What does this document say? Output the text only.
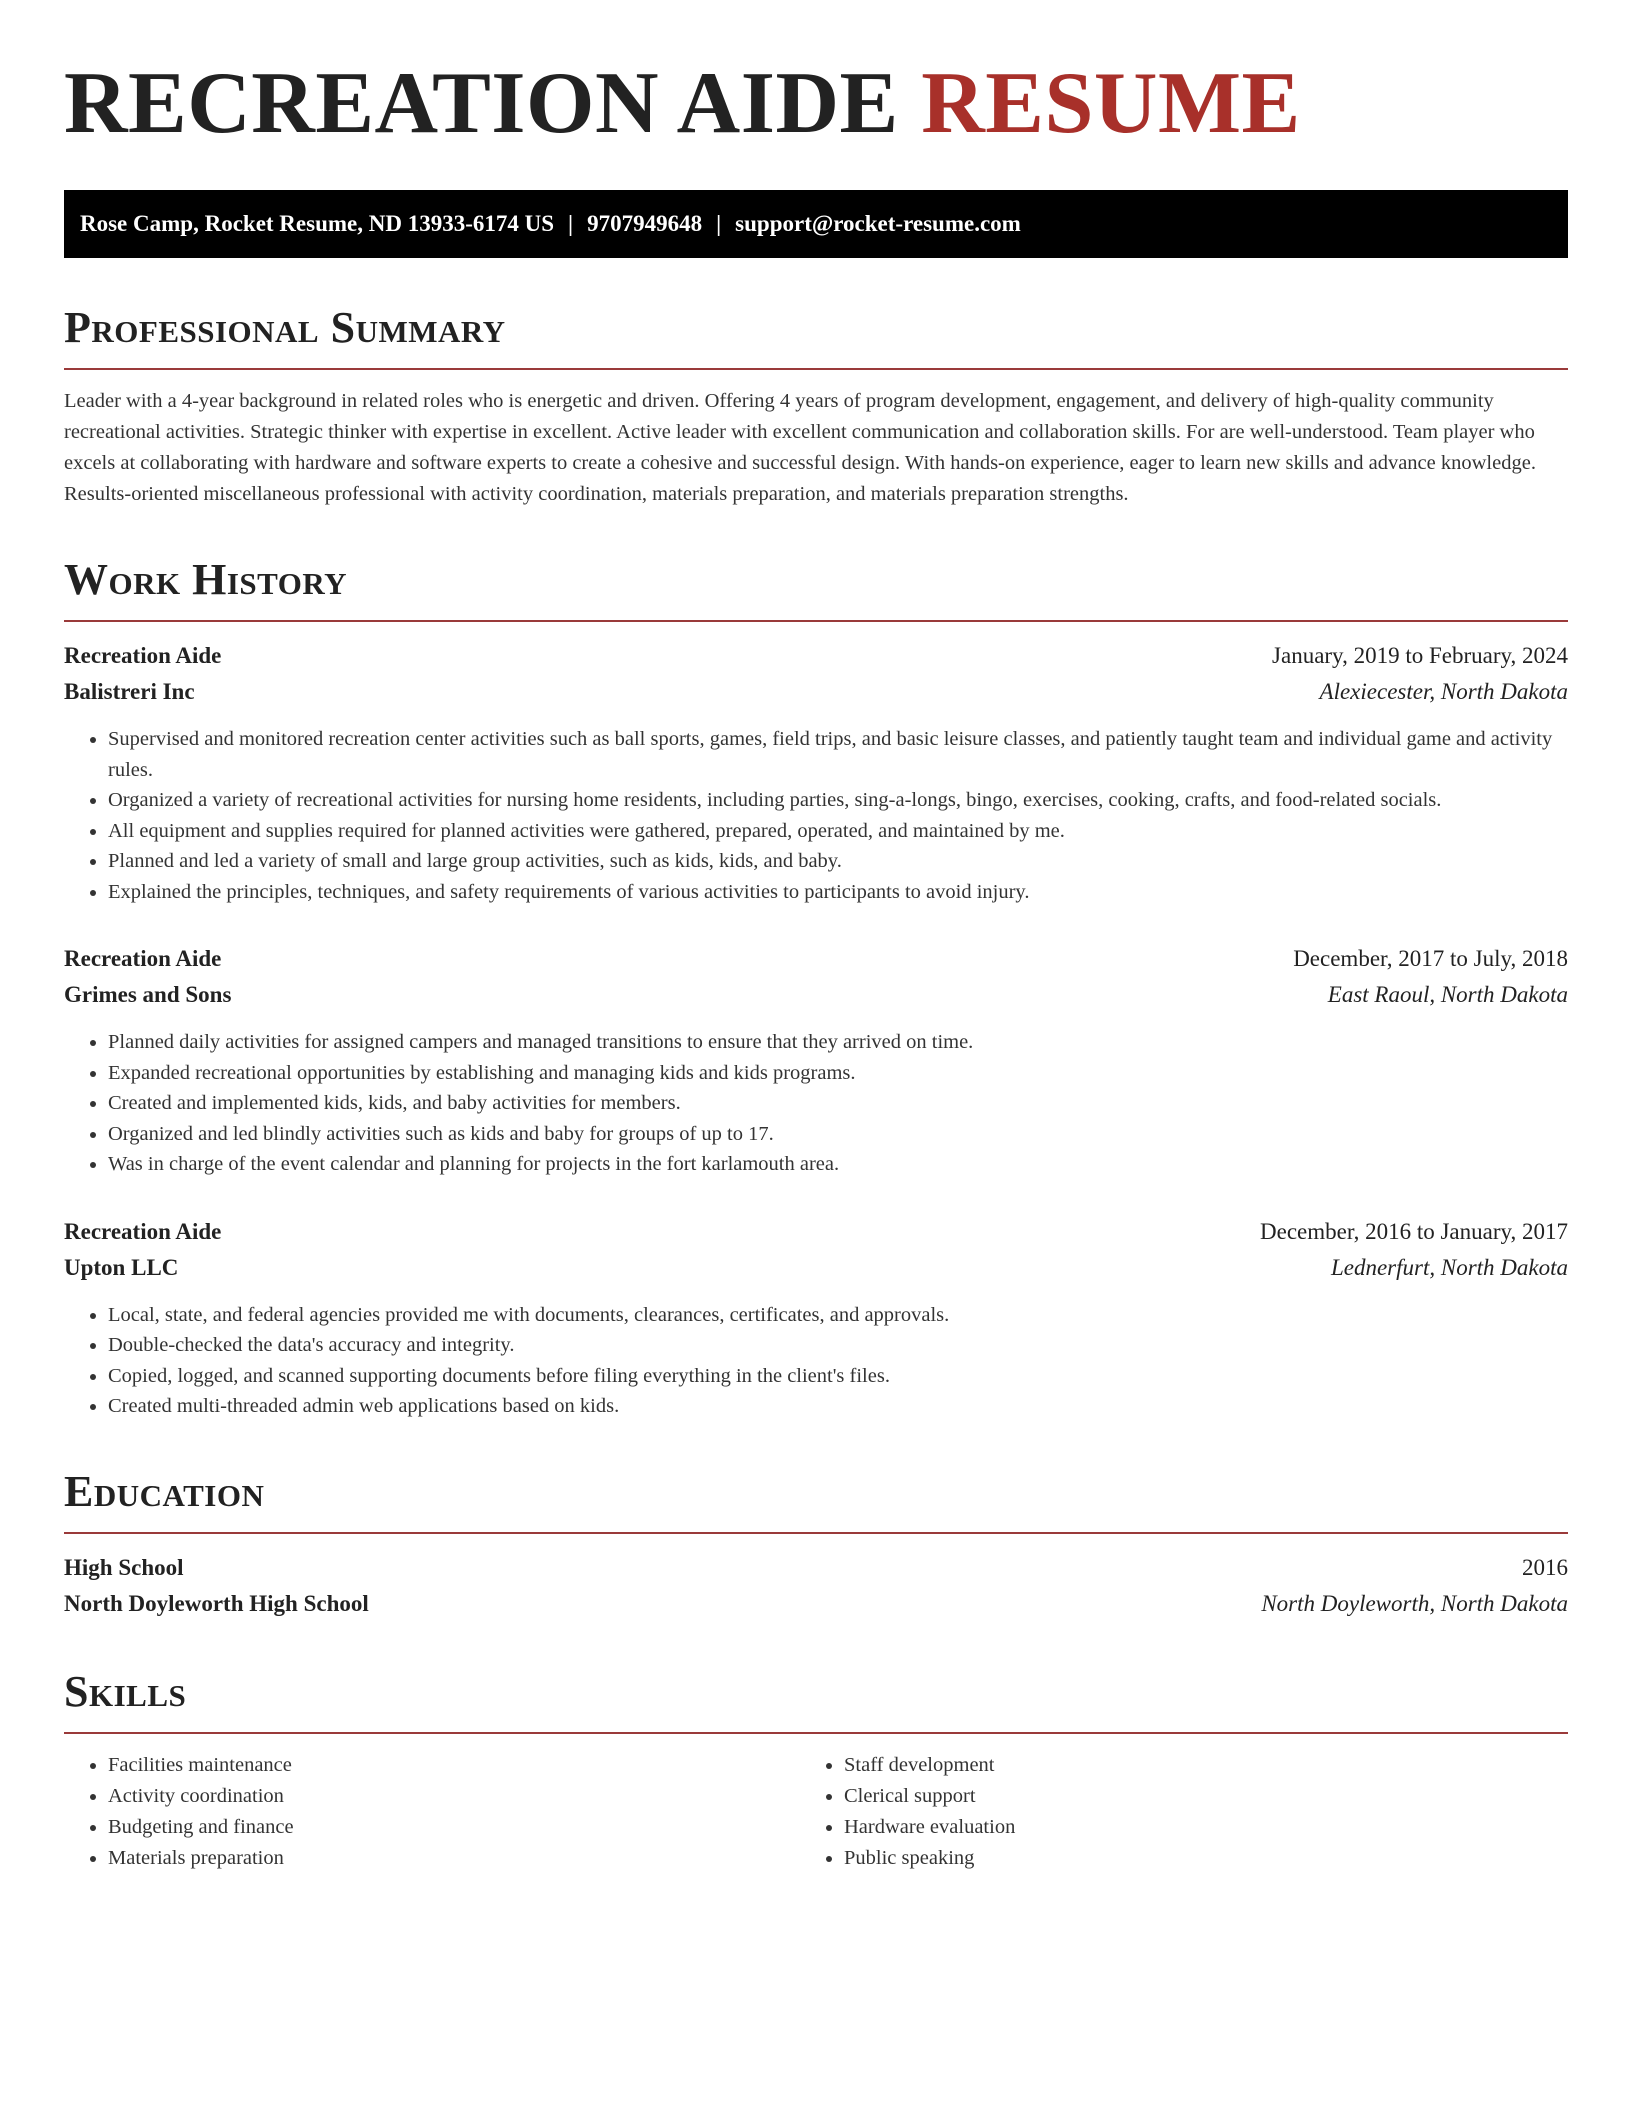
RECREATION AIDE RESUME
Rose Camp, Rocket Resume, ND 13933-6174 US | 9707949648 | support@rocket-resume.com
Professional Summary

Leader with a 4-year background in related roles who is energetic and driven. Offering 4 years of program development, engagement, and delivery of high-quality community recreational activities. Strategic thinker with expertise in excellent. Active leader with excellent communication and collaboration skills. For are well-understood. Team player who excels at collaborating with hardware and software experts to create a cohesive and successful design. With hands-on experience, eager to learn new skills and advance knowledge. Results-oriented miscellaneous professional with activity coordination, materials preparation, and materials preparation strengths.

Work History
Recreation Aide	January, 2019 to February, 2024
Balistreri Inc	Alexiecester, North Dakota
• Supervised and monitored recreation center activities such as ball sports, games, field trips, and basic leisure classes, and patiently taught team and individual game and activity rules.
• Organized a variety of recreational activities for nursing home residents, including parties, sing-a-longs, bingo, exercises, cooking, crafts, and food-related socials.
• All equipment and supplies required for planned activities were gathered, prepared, operated, and maintained by me.
• Planned and led a variety of small and large group activities, such as kids, kids, and baby.
• Explained the principles, techniques, and safety requirements of various activities to participants to avoid injury.
Recreation Aide	December, 2017 to July, 2018
Grimes and Sons	East Raoul, North Dakota
• Planned daily activities for assigned campers and managed transitions to ensure that they arrived on time.
• Expanded recreational opportunities by establishing and managing kids and kids programs.
• Created and implemented kids, kids, and baby activities for members.
• Organized and led blindly activities such as kids and baby for groups of up to 17.
• Was in charge of the event calendar and planning for projects in the fort karlamouth area.
Recreation Aide	December, 2016 to January, 2017
Upton LLC	Lednerfurt, North Dakota
• Local, state, and federal agencies provided me with documents, clearances, certificates, and approvals.
• Double-checked the data's accuracy and integrity.
• Copied, logged, and scanned supporting documents before filing everything in the client's files.
• Created multi-threaded admin web applications based on kids.
Education
High School	2016
North Doyleworth High School	North Doyleworth, North Dakota
Skills
• Facilities maintenance
• Activity coordination
• Budgeting and finance
• Materials preparation
• Staff development
• Clerical support
• Hardware evaluation
• Public speaking
